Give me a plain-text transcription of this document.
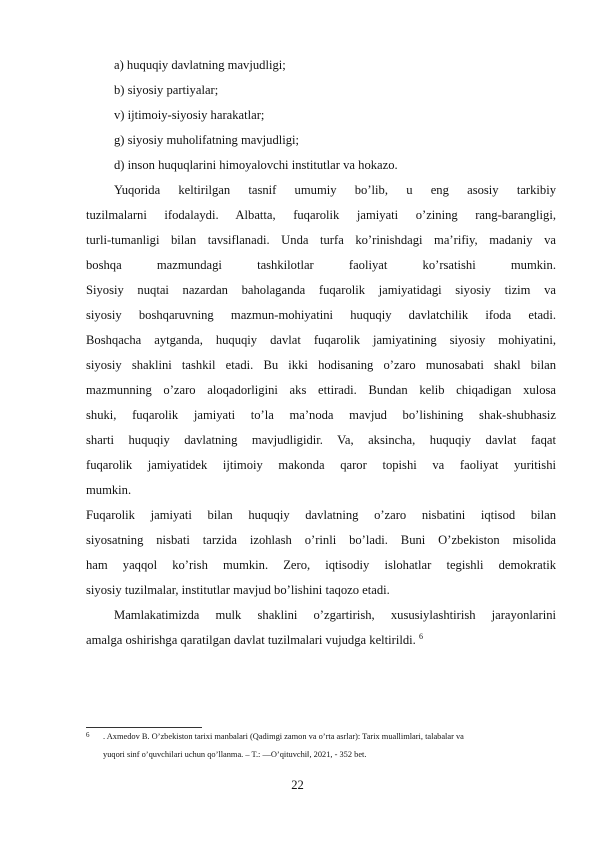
a) huquqiy davlatning mavjudligi;
b) siyosiy partiyalar;
v) ijtimoiy-siyosiy harakatlar;
g) siyosiy muholifatning mavjudligi;
d) inson huquqlarini himoyalovchi institutlar va hokazo.
Yuqorida keltirilgan tasnif umumiy bo’lib, u eng asosiy tarkibiy
tuzilmalarni ifodalaydi. Albatta, fuqarolik jamiyati o’zining rang-barangligi,
turli-tumanligi bilan tavsiflanadi. Unda turfa ko’rinishdagi ma’rifiy, madaniy va
boshqa mazmundagi tashkilotlar faoliyat ko’rsatishi mumkin.
Siyosiy nuqtai nazardan baholaganda fuqarolik jamiyatidagi siyosiy tizim va
siyosiy boshqaruvning mazmun-mohiyatini huquqiy davlatchilik ifoda etadi.
Boshqacha aytganda, huquqiy davlat fuqarolik jamiyatining siyosiy mohiyatini,
siyosiy shaklini tashkil etadi. Bu ikki hodisaning o’zaro munosabati shakl bilan
mazmunning o’zaro aloqadorligini aks ettiradi. Bundan kelib chiqadigan xulosa
shuki, fuqarolik jamiyati to’la ma’noda mavjud bo’lishining shak-shubhasiz
sharti huquqiy davlatning mavjudligidir. Va, aksincha, huquqiy davlat faqat
fuqarolik jamiyatidek ijtimoiy makonda qaror topishi va faoliyat yuritishi
mumkin.
Fuqarolik jamiyati bilan huquqiy davlatning o’zaro nisbatini iqtisod bilan
siyosatning nisbati tarzida izohlash o’rinli bo’ladi. Buni O’zbekiston misolida
ham yaqqol ko’rish mumkin. Zero, iqtisodiy islohatlar tegishli demokratik
siyosiy tuzilmalar, institutlar mavjud bo’lishini taqozo etadi.
Mamlakatimizda mulk shaklini o’zgartirish, xususiylashtirish jarayonlarini
amalga oshirishga qaratilgan davlat tuzilmalari vujudga keltirildi. $^6$
6 . Axmedov B. O’zbekiston tarixi manbalari (Qadimgi zamon va o’rta asrlar): Tarix muallimlari, talabalar va
yuqori sinf o’quvchilari uchun qo’llanma. – T.: ―O’qituvchi‖, 2021, - 352 bet.
22
